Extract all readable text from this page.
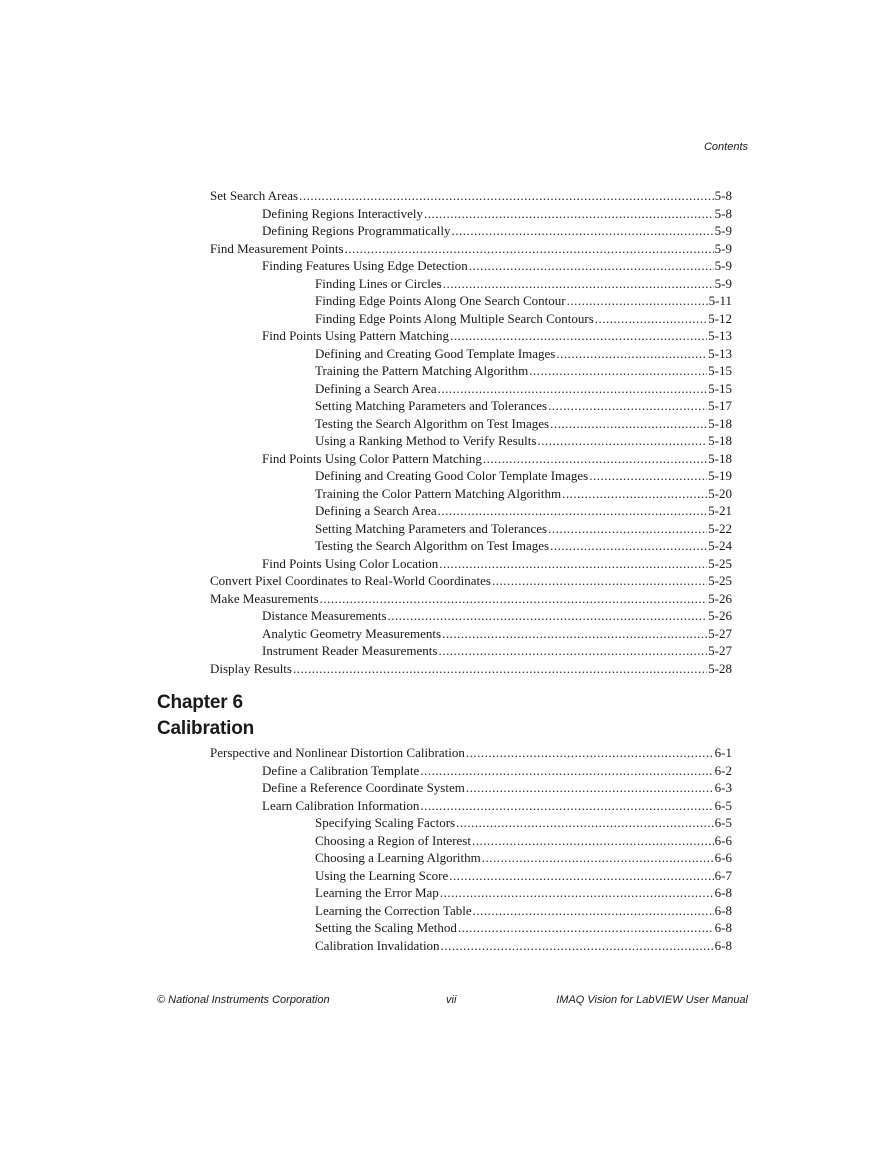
Contents
Set Search Areas .....	5-8
Defining Regions Interactively .....	5-8
Defining Regions Programmatically .....	5-9
Find Measurement Points .....	5-9
Finding Features Using Edge Detection .....	5-9
Finding Lines or Circles .....	5-9
Finding Edge Points Along One Search Contour .....	5-11
Finding Edge Points Along Multiple Search Contours .....	5-12
Find Points Using Pattern Matching .....	5-13
Defining and Creating Good Template Images .....	5-13
Training the Pattern Matching Algorithm .....	5-15
Defining a Search Area .....	5-15
Setting Matching Parameters and Tolerances .....	5-17
Testing the Search Algorithm on Test Images .....	5-18
Using a Ranking Method to Verify Results .....	5-18
Find Points Using Color Pattern Matching .....	5-18
Defining and Creating Good Color Template Images .....	5-19
Training the Color Pattern Matching Algorithm .....	5-20
Defining a Search Area .....	5-21
Setting Matching Parameters and Tolerances .....	5-22
Testing the Search Algorithm on Test Images .....	5-24
Find Points Using Color Location .....	5-25
Convert Pixel Coordinates to Real-World Coordinates .....	5-25
Make Measurements .....	5-26
Distance Measurements .....	5-26
Analytic Geometry Measurements .....	5-27
Instrument Reader Measurements .....	5-27
Display Results .....	5-28
Chapter 6
Calibration
Perspective and Nonlinear Distortion Calibration .....	6-1
Define a Calibration Template .....	6-2
Define a Reference Coordinate System .....	6-3
Learn Calibration Information .....	6-5
Specifying Scaling Factors .....	6-5
Choosing a Region of Interest .....	6-6
Choosing a Learning Algorithm .....	6-6
Using the Learning Score .....	6-7
Learning the Error Map .....	6-8
Learning the Correction Table .....	6-8
Setting the Scaling Method .....	6-8
Calibration Invalidation .....	6-8
© National Instruments Corporation	vii	IMAQ Vision for LabVIEW User Manual
